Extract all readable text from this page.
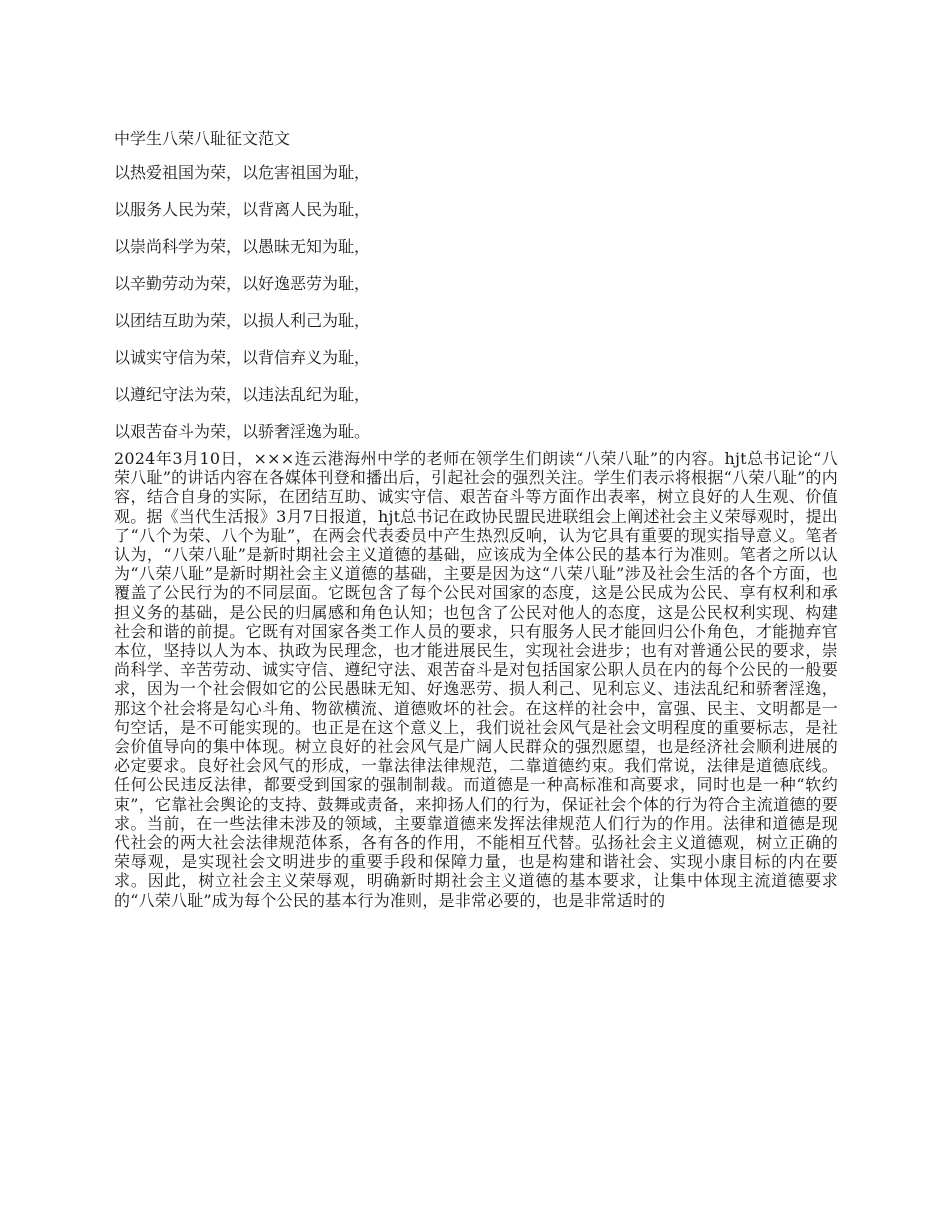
中学生八荣八耻征文范文
以热爱祖国为荣，以危害祖国为耻，
以服务人民为荣，以背离人民为耻，
以崇尚科学为荣，以愚昧无知为耻，
以辛勤劳动为荣，以好逸恶劳为耻，
以团结互助为荣，以损人利己为耻，
以诚实守信为荣，以背信弃义为耻，
以遵纪守法为荣，以违法乱纪为耻，
以艰苦奋斗为荣，以骄奢淫逸为耻。

2024年3月10日，×××连云港海州中学的老师在领学生们朗读“八荣八耻”的内容。hjt总书记论“八荣八耻”的讲话内容在各媒体刊登和播出后，引起社会的强烈关注。学生们表示将根据“八荣八耻”的内容，结合自身的实际，在团结互助、诚实守信、艰苦奋斗等方面作出表率，树立良好的人生观、价值观。据《当代生活报》3月7日报道，hjt总书记在政协民盟民进联组会上阐述社会主义荣辱观时，提出了“八个为荣、八个为耻”，在两会代表委员中产生热烈反响，认为它具有重要的现实指导意义。笔者认为，“八荣八耻”是新时期社会主义道德的基础，应该成为全体公民的基本行为准则。笔者之所以认为“八荣八耻”是新时期社会主义道德的基础，主要是因为这“八荣八耻”涉及社会生活的各个方面，也覆盖了公民行为的不同层面。它既包含了每个公民对国家的态度，这是公民成为公民、享有权利和承担义务的基础，是公民的归属感和角色认知；也包含了公民对他人的态度，这是公民权利实现、构建社会和谐的前提。它既有对国家各类工作人员的要求，只有服务人民才能回归公仆角色，才能抛弃官本位，坚持以人为本、执政为民理念，也才能进展民生，实现社会进步；也有对普通公民的要求，崇尚科学、辛苦劳动、诚实守信、遵纪守法、艰苦奋斗是对包括国家公职人员在内的每个公民的一般要求，因为一个社会假如它的公民愚昧无知、好逸恶劳、损人利己、见利忘义、违法乱纪和骄奢淫逸，那这个社会将是勾心斗角、物欲横流、道德败坏的社会。在这样的社会中，富强、民主、文明都是一句空话，是不可能实现的。也正是在这个意义上，我们说社会风气是社会文明程度的重要标志，是社会价值导向的集中体现。树立良好的社会风气是广阔人民群众的强烈愿望，也是经济社会顺利进展的必定要求。良好社会风气的形成，一靠法律法律规范，二靠道德约束。我们常说，法律是道德底线。任何公民违反法律，都要受到国家的强制制裁。而道德是一种高标准和高要求，同时也是一种“软约束”，它靠社会舆论的支持、鼓舞或责备，来抑扬人们的行为，保证社会个体的行为符合主流道德的要求。当前，在一些法律未涉及的领域，主要靠道德来发挥法律规范人们行为的作用。法律和道德是现代社会的两大社会法律规范体系，各有各的作用，不能相互代替。弘扬社会主义道德观，树立正确的荣辱观，是实现社会文明进步的重要手段和保障力量，也是构建和谐社会、实现小康目标的内在要求。因此，树立社会主义荣辱观，明确新时期社会主义道德的基本要求，让集中体现主流道德要求的“八荣八耻”成为每个公民的基本行为准则，是非常必要的，也是非常适时的
